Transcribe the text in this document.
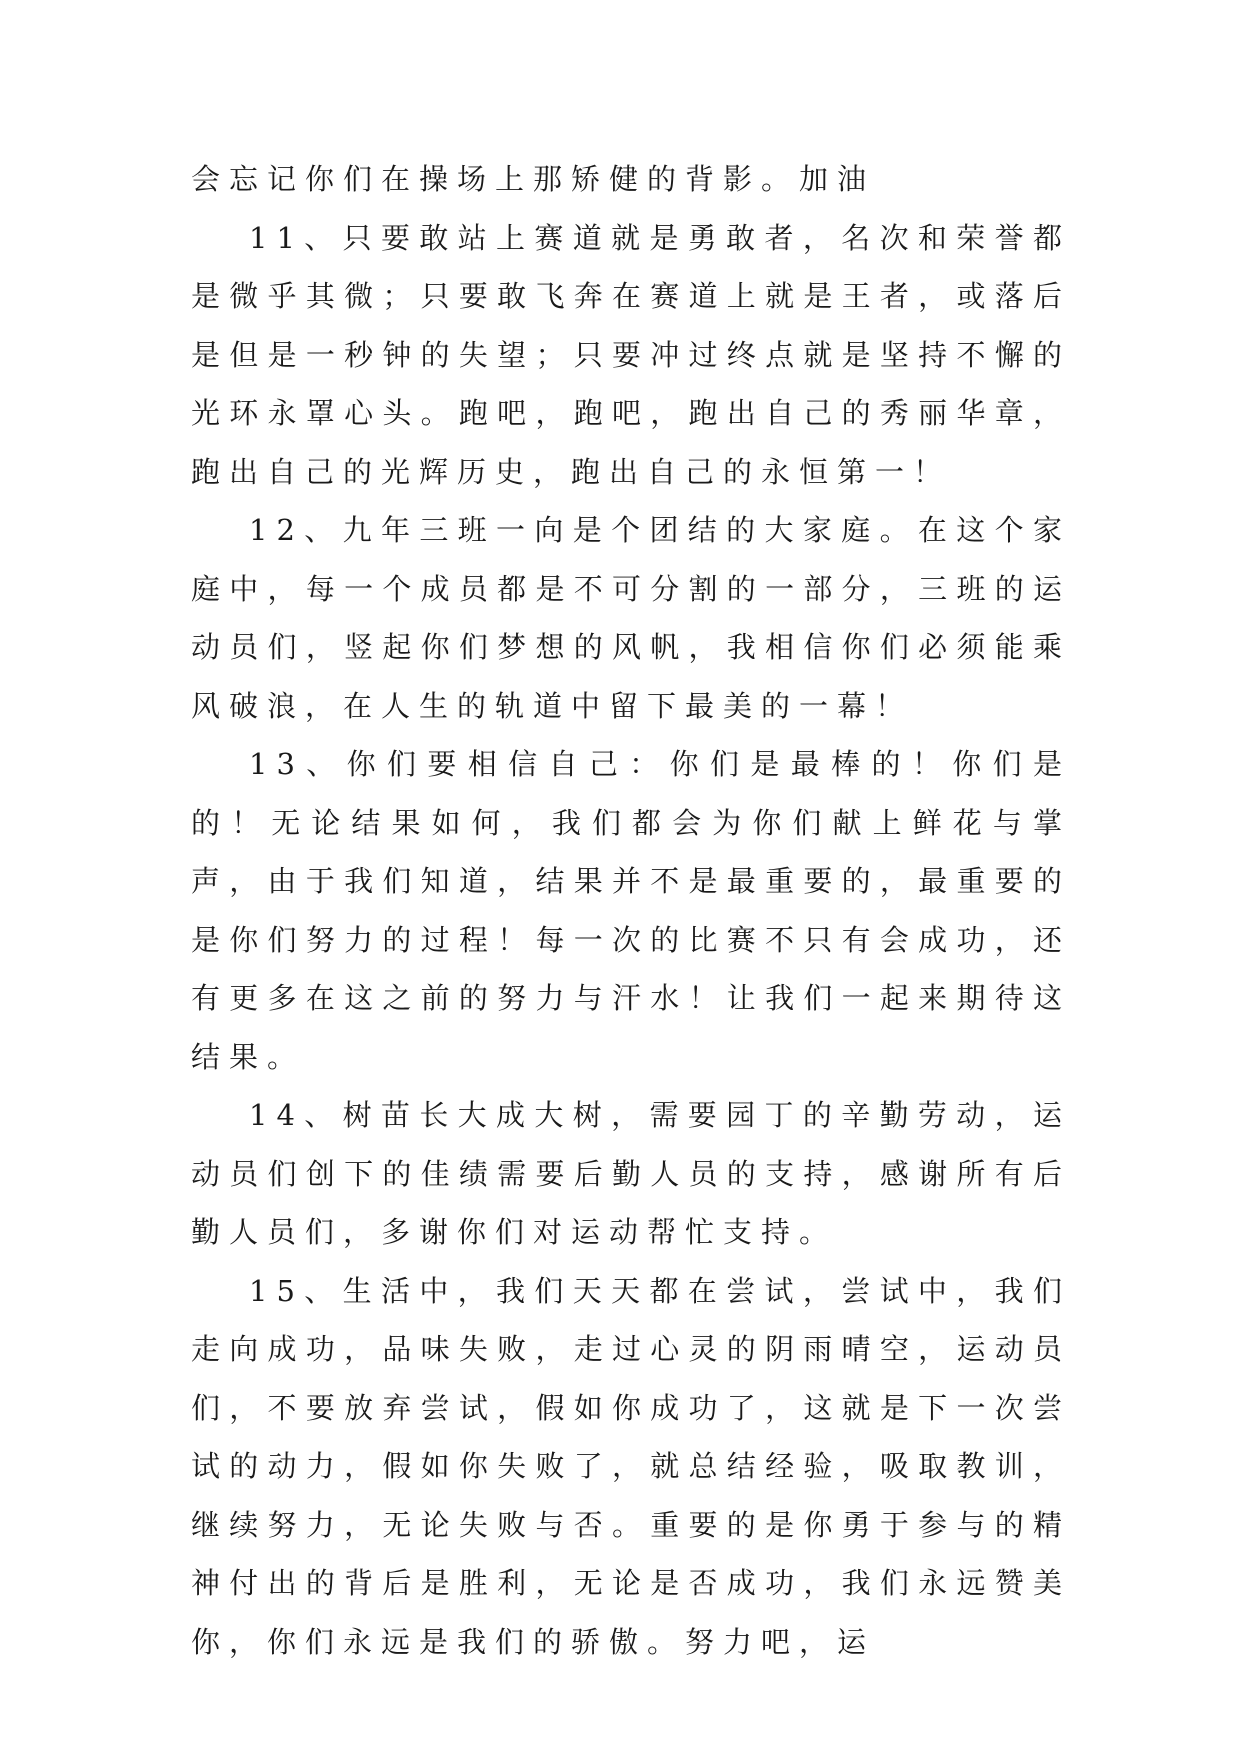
会忘记你们在操场上那矫健的背影。加油

11、只要敢站上赛道就是勇敢者，名次和荣誉都是微乎其微；只要敢飞奔在赛道上就是王者，或落后是但是一秒钟的失望；只要冲过终点就是坚持不懈的光环永罩心头。跑吧，跑吧，跑出自己的秀丽华章，跑出自己的光辉历史，跑出自己的永恒第一！

12、九年三班一向是个团结的大家庭。在这个家庭中，每一个成员都是不可分割的一部分，三班的运动员们，竖起你们梦想的风帆，我相信你们必须能乘风破浪，在人生的轨道中留下最美的一幕！

13、你们要相信自己：你们是最棒的！你们是的！无论结果如何，我们都会为你们献上鲜花与掌声，由于我们知道，结果并不是最重要的，最重要的是你们努力的过程！每一次的比赛不只有会成功，还有更多在这之前的努力与汗水！让我们一起来期待这结果。

14、树苗长大成大树，需要园丁的辛勤劳动，运动员们创下的佳绩需要后勤人员的支持，感谢所有后勤人员们，多谢你们对运动帮忙支持。

15、生活中，我们天天都在尝试，尝试中，我们走向成功，品味失败，走过心灵的阴雨晴空，运动员们，不要放弃尝试，假如你成功了，这就是下一次尝试的动力，假如你失败了，就总结经验，吸取教训，继续努力，无论失败与否。重要的是你勇于参与的精神付出的背后是胜利，无论是否成功，我们永远赞美你，你们永远是我们的骄傲。努力吧，运
